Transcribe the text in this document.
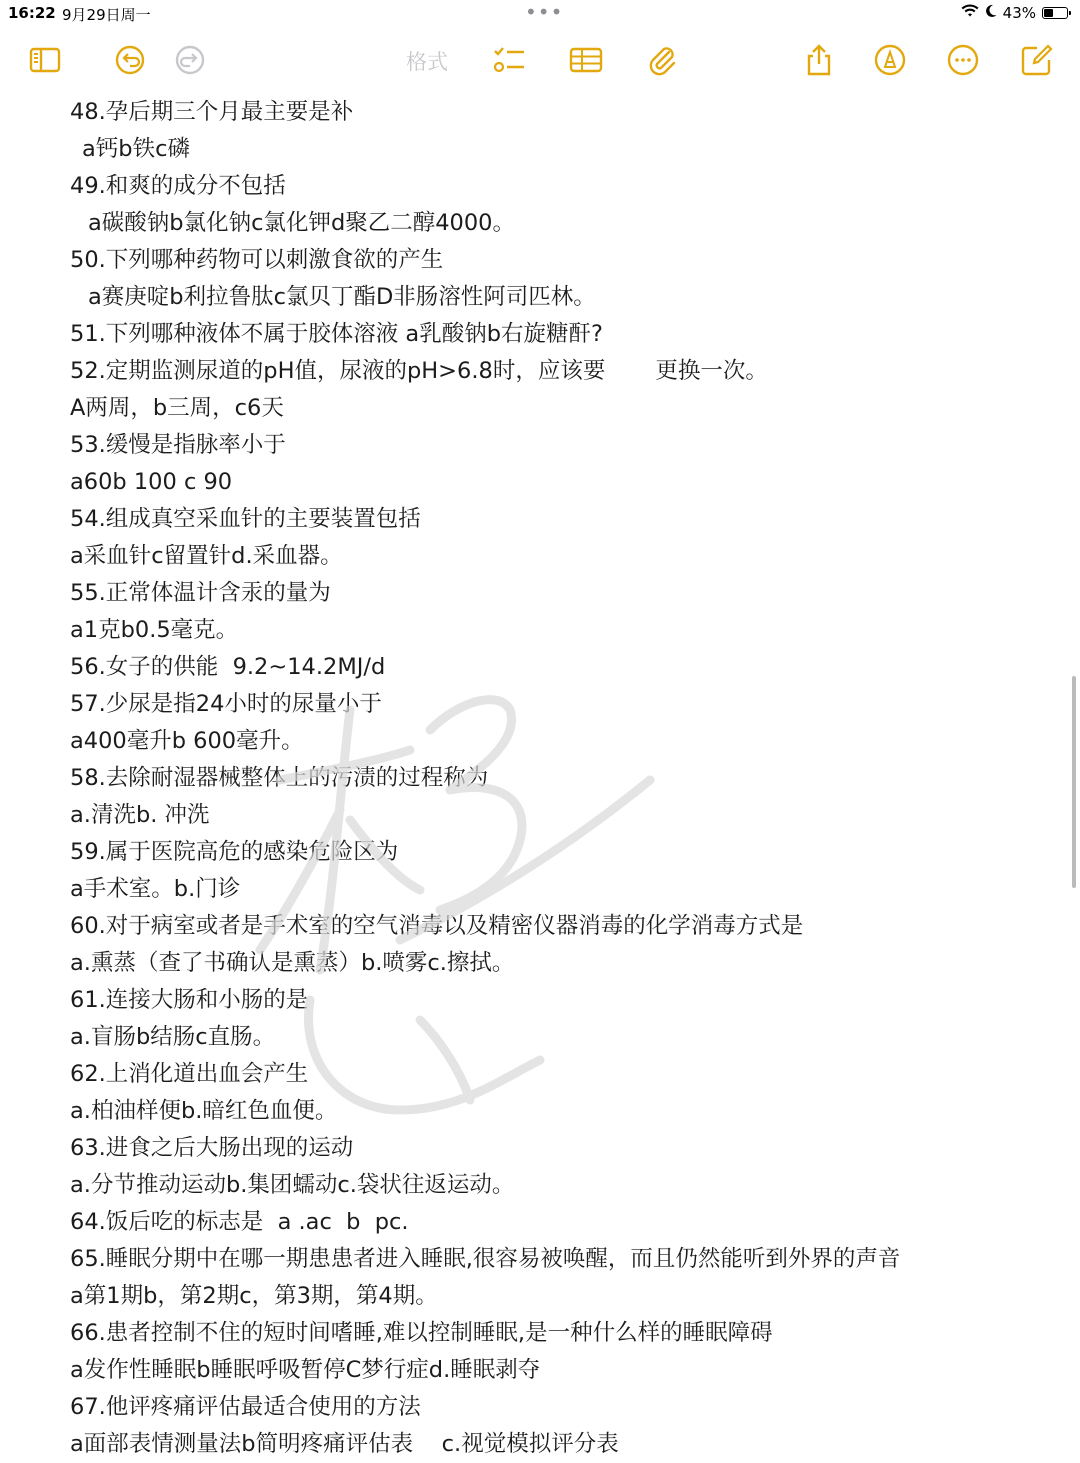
16:22 9月29日周一	•••	43%
格式
48.孕后期三个月最主要是补
a钙b铁c磷
49.和爽的成分不包括
a碳酸钠b氯化钠c氯化钾d聚乙二醇4000。
50.下列哪种药物可以刺激食欲的产生
a赛庚啶b利拉鲁肽c氯贝丁酯D非肠溶性阿司匹林。
51.下列哪种液体不属于胶体溶液 a乳酸钠b右旋糖酐?
52.定期监测尿道的pH值，尿液的pH>6.8时，应该要       更换一次。
A两周，b三周，c6天
53.缓慢是指脉率小于
a60b 100 c 90
54.组成真空采血针的主要装置包括
a采血针c留置针d.采血器。
55.正常体温计含汞的量为
a1克b0.5毫克。
56.女子的供能  9.2~14.2MJ/d
57.少尿是指24小时的尿量小于
a400毫升b 600毫升。
58.去除耐湿器械整体上的污渍的过程称为
a.清洗b. 冲洗
59.属于医院高危的感染危险区为
a手术室。b.门诊
60.对于病室或者是手术室的空气消毒以及精密仪器消毒的化学消毒方式是
a.熏蒸（查了书确认是熏蒸）b.喷雾c.擦拭。
61.连接大肠和小肠的是
a.盲肠b结肠c直肠。
62.上消化道出血会产生
a.柏油样便b.暗红色血便。
63.进食之后大肠出现的运动
a.分节推动运动b.集团蠕动c.袋状往返运动。
64.饭后吃的标志是  a .ac  b  pc.
65.睡眠分期中在哪一期患患者进入睡眠,很容易被唤醒，而且仍然能听到外界的声音
a第1期b，第2期c，第3期，第4期。
66.患者控制不住的短时间嗜睡,难以控制睡眠,是一种什么样的睡眠障碍
a发作性睡眠b睡眠呼吸暂停C梦行症d.睡眠剥夺
67.他评疼痛评估最适合使用的方法
a面部表情测量法b简明疼痛评估表    c.视觉模拟评分表
